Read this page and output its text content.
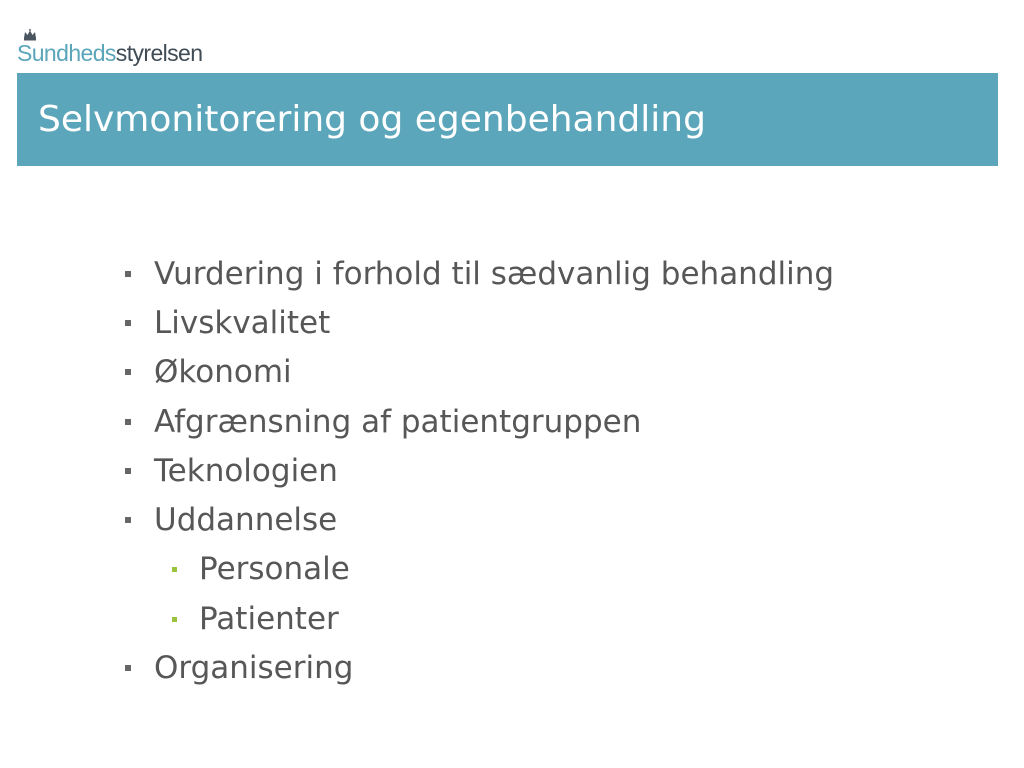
Sundheds styrelsen
Selvmonitorering og egenbehandling
Vurdering i forhold til sædvanlig behandling
Livskvalitet
Økonomi
Afgrænsning af patientgruppen
Teknologien
Uddannelse
Personale
Patienter
Organisering
